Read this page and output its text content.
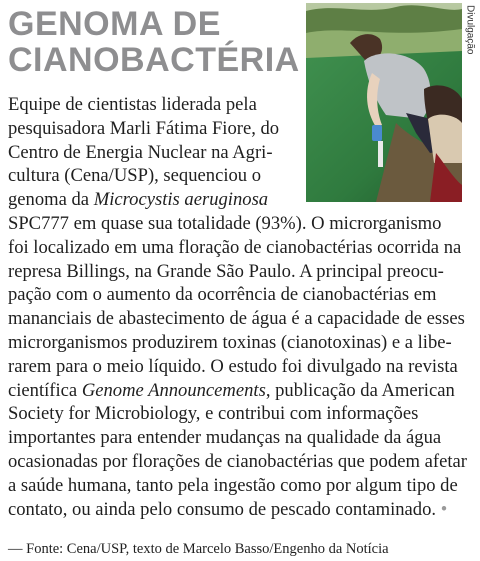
GENOMA DE
CIANOBACTÉRIA
Divulgação
Equipe de cientistas liderada pela
pesquisadora Marli Fátima Fiore, do
Centro de Energia Nuclear na Agri-
cultura (Cena/USP), sequenciou o
genoma da Microcystis aeruginosa
SPC777 em quase sua totalidade (93%). O microrganismo
foi localizado em uma floração de cianobactérias ocorrida na
represa Billings, na Grande São Paulo. A principal preocu-
pação com o aumento da ocorrência de cianobactérias em
mananciais de abastecimento de água é a capacidade de esses
microrganismos produzirem toxinas (cianotoxinas) e a libe-
rarem para o meio líquido. O estudo foi divulgado na revista
científica Genome Announcements, publicação da American
Society for Microbiology, e contribui com informações
importantes para entender mudanças na qualidade da água
ocasionadas por florações de cianobactérias que podem afetar
a saúde humana, tanto pela ingestão como por algum tipo de
contato, ou ainda pelo consumo de pescado contaminado. •

— Fonte: Cena/USP, texto de Marcelo Basso/Engenho da Notícia
